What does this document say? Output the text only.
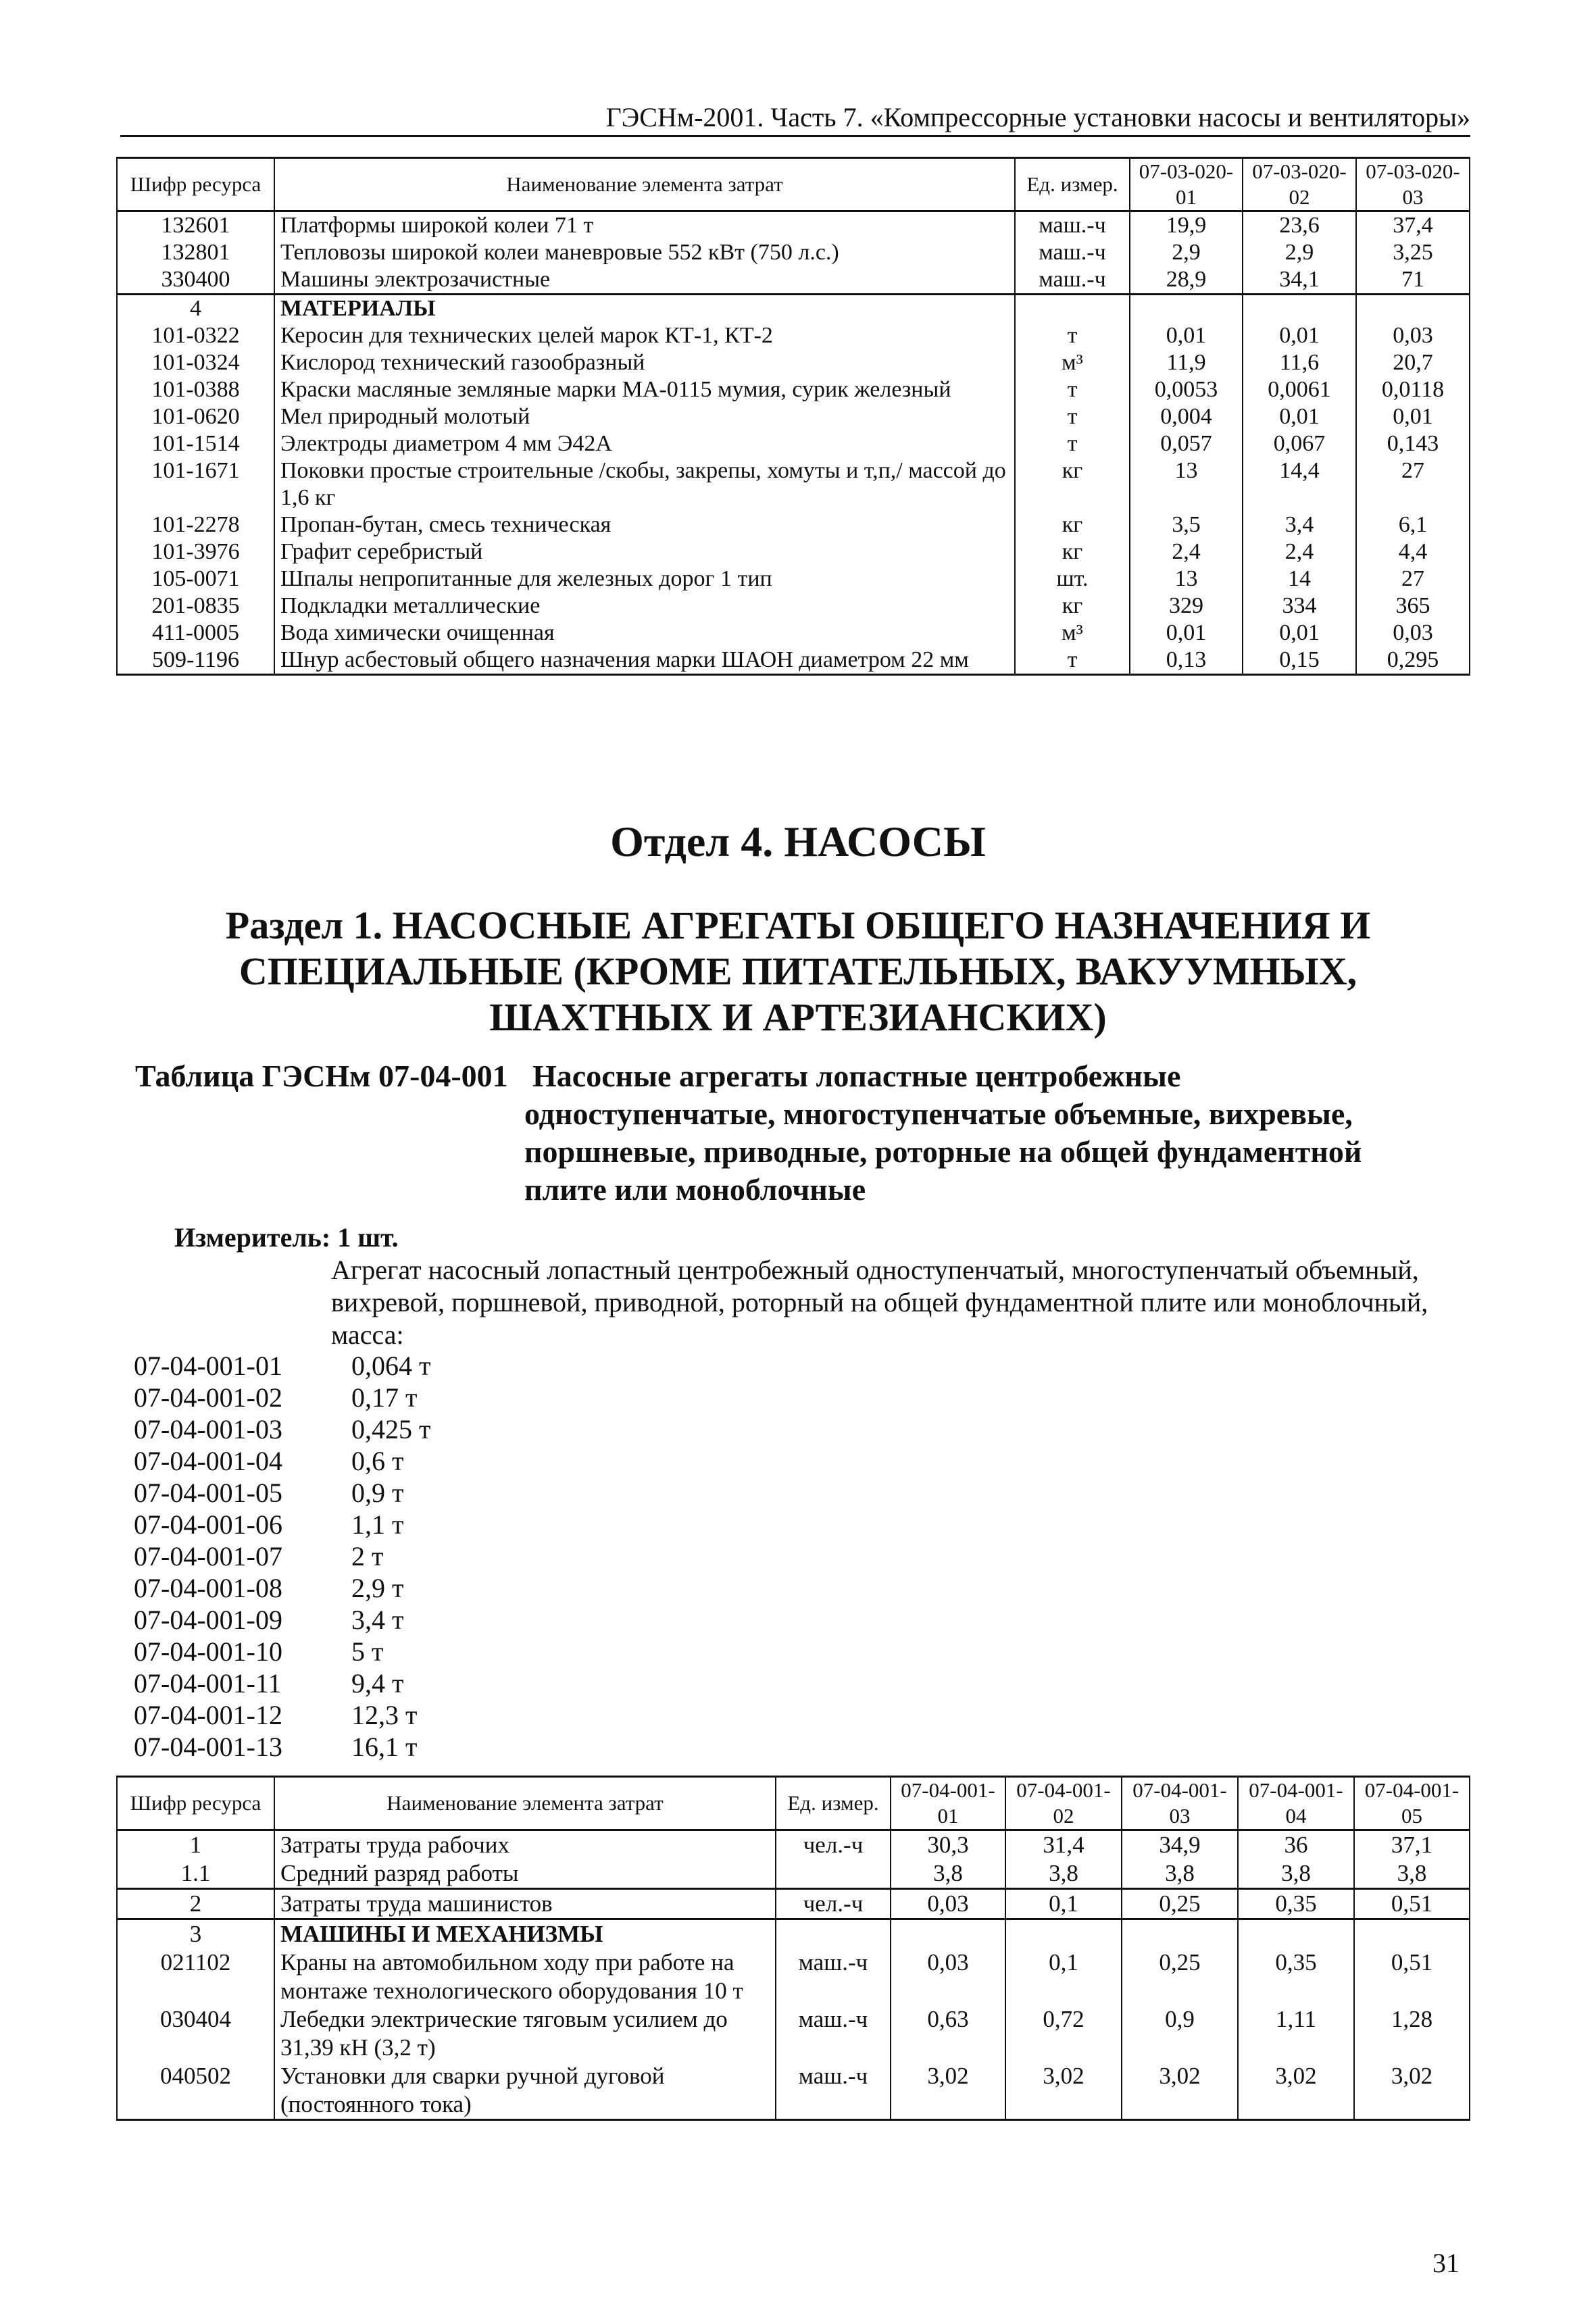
ГЭСНм-2001. Часть 7. «Компрессорные установки насосы и вентиляторы»
Шифр ресурса	Наименование элемента затрат	Ед. измер.	07-03-020-01	07-03-020-02	07-03-020-03
132601	Платформы широкой колеи 71 т	маш.-ч	19,9	23,6	37,4
132801	Тепловозы широкой колеи маневровые 552 кВт (750 л.с.)	маш.-ч	2,9	2,9	3,25
330400	Машины электрозачистные	маш.-ч	28,9	34,1	71
4	МАТЕРИАЛЫ				
101-0322	Керосин для технических целей марок КТ-1, КТ-2	т	0,01	0,01	0,03
101-0324	Кислород технический газообразный	м³	11,9	11,6	20,7
101-0388	Краски масляные земляные марки МА-0115 мумия, сурик железный	т	0,0053	0,0061	0,0118
101-0620	Мел природный молотый	т	0,004	0,01	0,01
101-1514	Электроды диаметром 4 мм Э42А	т	0,057	0,067	0,143
101-1671	Поковки простые строительные /скобы, закрепы, хомуты и т,п,/ массой до 1,6 кг	кг	13	14,4	27
101-2278	Пропан-бутан, смесь техническая	кг	3,5	3,4	6,1
101-3976	Графит серебристый	кг	2,4	2,4	4,4
105-0071	Шпалы непропитанные для железных дорог 1 тип	шт.	13	14	27
201-0835	Подкладки металлические	кг	329	334	365
411-0005	Вода химически очищенная	м³	0,01	0,01	0,03
509-1196	Шнур асбестовый общего назначения марки ШАОН диаметром 22 мм	т	0,13	0,15	0,295
Отдел 4. НАСОСЫ
Раздел 1. НАСОСНЫЕ АГРЕГАТЫ ОБЩЕГО НАЗНАЧЕНИЯ И
СПЕЦИАЛЬНЫЕ (КРОМЕ ПИТАТЕЛЬНЫХ, ВАКУУМНЫХ,
ШАХТНЫХ И АРТЕЗИАНСКИХ)
Таблица ГЭСНм 07-04-001 Насосные агрегаты лопастные центробежные
одноступенчатые, многоступенчатые объемные, вихревые,
поршневые, приводные, роторные на общей фундаментной
плите или моноблочные
Измеритель: 1 шт.
Агрегат насосный лопастный центробежный одноступенчатый, многоступенчатый объемный, вихревой, поршневой, приводной, роторный на общей фундаментной плите или моноблочный, масса:
07-04-001-01	0,064 т
07-04-001-02	0,17 т
07-04-001-03	0,425 т
07-04-001-04	0,6 т
07-04-001-05	0,9 т
07-04-001-06	1,1 т
07-04-001-07	2 т
07-04-001-08	2,9 т
07-04-001-09	3,4 т
07-04-001-10	5 т
07-04-001-11	9,4 т
07-04-001-12	12,3 т
07-04-001-13	16,1 т
Шифр ресурса	Наименование элемента затрат	Ед. измер.	07-04-001-01	07-04-001-02	07-04-001-03	07-04-001-04	07-04-001-05
1	Затраты труда рабочих	чел.-ч	30,3	31,4	34,9	36	37,1
1.1	Средний разряд работы		3,8	3,8	3,8	3,8	3,8
2	Затраты труда машинистов	чел.-ч	0,03	0,1	0,25	0,35	0,51
3	МАШИНЫ И МЕХАНИЗМЫ						
021102	Краны на автомобильном ходу при работе на монтаже технологического оборудования 10 т	маш.-ч	0,03	0,1	0,25	0,35	0,51
030404	Лебедки электрические тяговым усилием до 31,39 кН (3,2 т)	маш.-ч	0,63	0,72	0,9	1,11	1,28
040502	Установки для сварки ручной дуговой (постоянного тока)	маш.-ч	3,02	3,02	3,02	3,02	3,02
31
